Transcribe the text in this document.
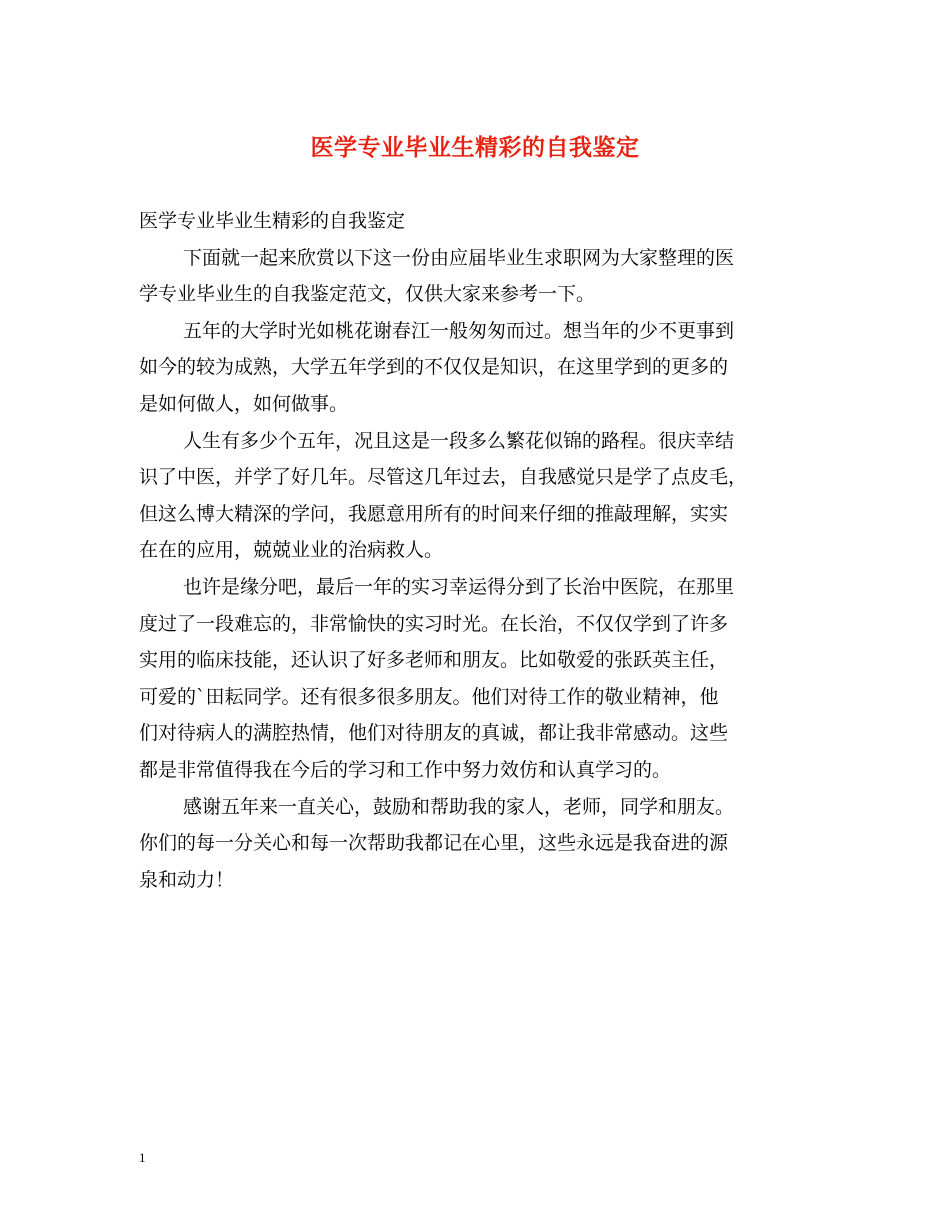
医学专业毕业生精彩的自我鉴定
医学专业毕业生精彩的自我鉴定
下面就一起来欣赏以下这一份由应届毕业生求职网为大家整理的医
学专业毕业生的自我鉴定范文，仅供大家来参考一下。
五年的大学时光如桃花谢春江一般匆匆而过。想当年的少不更事到
如今的较为成熟，大学五年学到的不仅仅是知识，在这里学到的更多的
是如何做人，如何做事。
人生有多少个五年，况且这是一段多么繁花似锦的路程。很庆幸结
识了中医，并学了好几年。尽管这几年过去，自我感觉只是学了点皮毛，
但这么博大精深的学问，我愿意用所有的时间来仔细的推敲理解，实实
在在的应用，兢兢业业的治病救人。
也许是缘分吧，最后一年的实习幸运得分到了长治中医院，在那里
度过了一段难忘的，非常愉快的实习时光。在长治，不仅仅学到了许多
实用的临床技能，还认识了好多老师和朋友。比如敬爱的张跃英主任，
可爱的`田耘同学。还有很多很多朋友。他们对待工作的敬业精神，他
们对待病人的满腔热情，他们对待朋友的真诚，都让我非常感动。这些
都是非常值得我在今后的学习和工作中努力效仿和认真学习的。
感谢五年来一直关心，鼓励和帮助我的家人，老师，同学和朋友。
你们的每一分关心和每一次帮助我都记在心里，这些永远是我奋进的源
泉和动力！
1
